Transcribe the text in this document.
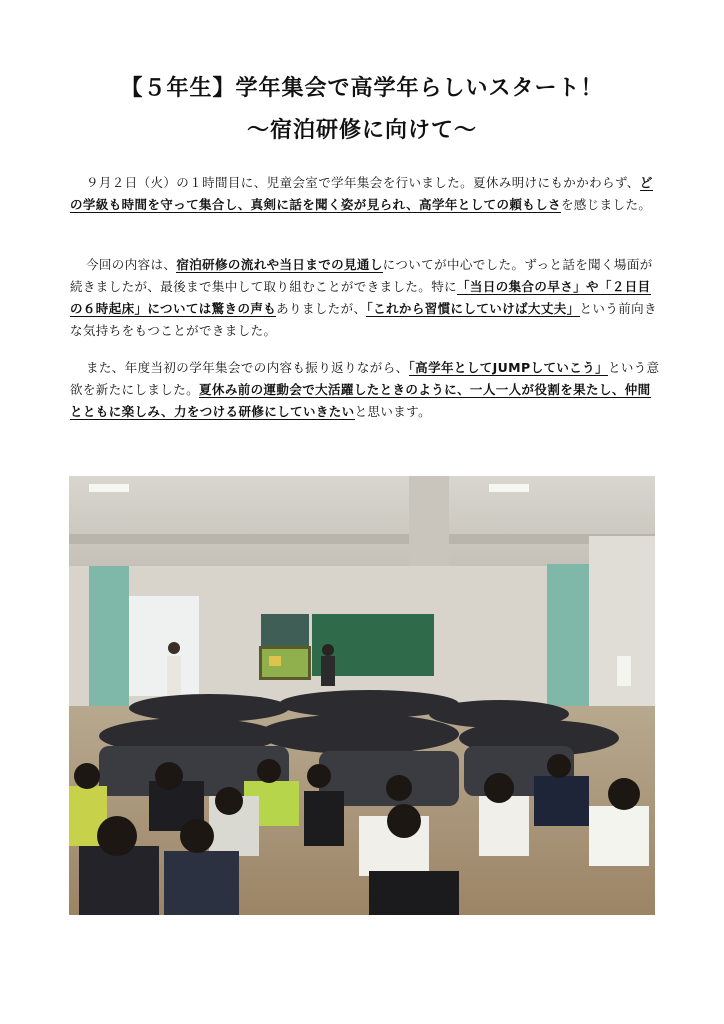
【５年生】学年集会で高学年らしいスタート！
～宿泊研修に向けて～
９月２日（火）の１時間目に、児童会室で学年集会を行いました。夏休み明けにもかかわらず、どの学級も時間を守って集合し、真剣に話を聞く姿が見られ、高学年としての頼もしさを感じました。
今回の内容は、宿泊研修の流れや当日までの見通しについてが中心でした。ずっと話を聞く場面が続きましたが、最後まで集中して取り組むことができました。特に「当日の集合の早さ」や「２日目の６時起床」については驚きの声もありましたが、「これから習慣にしていけば大丈夫」という前向きな気持ちをもつことができました。
また、年度当初の学年集会での内容も振り返りながら、「高学年としてJUMPしていこう」という意欲を新たにしました。夏休み前の運動会で大活躍したときのように、一人一人が役割を果たし、仲間とともに楽しみ、力をつける研修にしていきたいと思います。
